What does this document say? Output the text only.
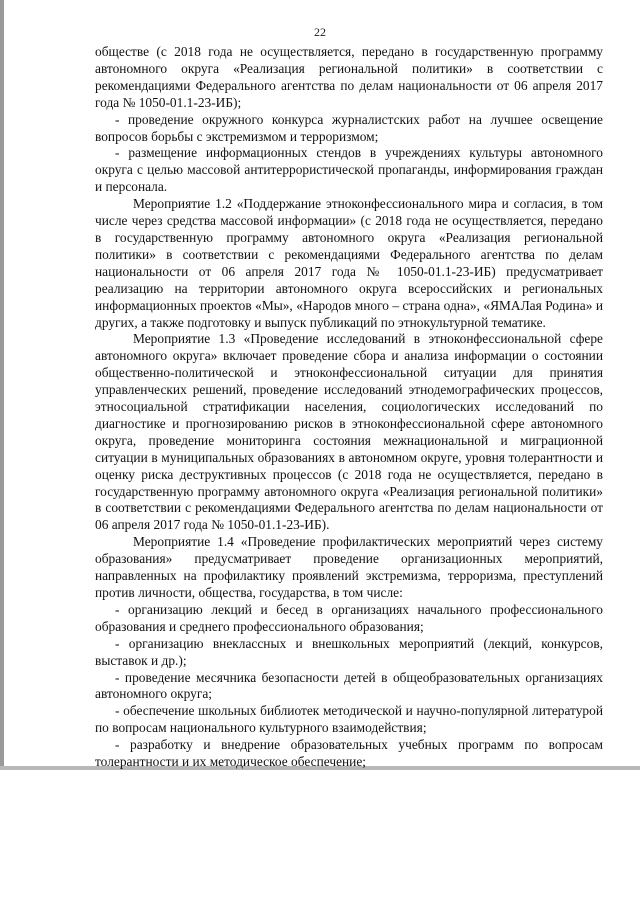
22

обществе (с 2018 года не осуществляется, передано в государственную программу автономного округа «Реализация региональной политики» в соответствии с рекомендациями Федерального агентства по делам национальности от 06 апреля 2017 года № 1050-01.1-23-ИБ);

- проведение окружного конкурса журналистских работ на лучшее освещение вопросов борьбы с экстремизмом и терроризмом;

- размещение информационных стендов в учреждениях культуры автономного округа с целью массовой антитеррористической пропаганды, информирования граждан и персонала.

Мероприятие 1.2 «Поддержание этноконфессионального мира и согласия, в том числе через средства массовой информации» (с 2018 года не осуществляется, передано в государственную программу автономного округа «Реализация региональной политики» в соответствии с рекомендациями Федерального агентства по делам национальности от 06 апреля 2017 года № 1050-01.1-23-ИБ) предусматривает реализацию на территории автономного округа всероссийских и региональных информационных проектов «Мы», «Народов много – страна одна», «ЯМАЛая Родина» и других, а также подготовку и выпуск публикаций по этнокультурной тематике.

Мероприятие 1.3 «Проведение исследований в этноконфессиональной сфере автономного округа» включает проведение сбора и анализа информации о состоянии общественно-политической и этноконфессиональной ситуации для принятия управленческих решений, проведение исследований этнодемографических процессов, этносоциальной стратификации населения, социологических исследований по диагностике и прогнозированию рисков в этноконфессиональной сфере автономного округа, проведение мониторинга состояния межнациональной и миграционной ситуации в муниципальных образованиях в автономном округе, уровня толерантности и оценку риска деструктивных процессов (с 2018 года не осуществляется, передано в государственную программу автономного округа «Реализация региональной политики» в соответствии с рекомендациями Федерального агентства по делам национальности от 06 апреля 2017 года № 1050-01.1-23-ИБ).

Мероприятие 1.4 «Проведение профилактических мероприятий через систему образования» предусматривает проведение организационных мероприятий, направленных на профилактику проявлений экстремизма, терроризма, преступлений против личности, общества, государства, в том числе:

- организацию лекций и бесед в организациях начального профессионального образования и среднего профессионального образования;

- организацию внеклассных и внешкольных мероприятий (лекций, конкурсов, выставок и др.);

- проведение месячника безопасности детей в общеобразовательных организациях автономного округа;

- обеспечение школьных библиотек методической и научно-популярной литературой по вопросам национального культурного взаимодействия;

- разработку и внедрение образовательных учебных программ по вопросам толерантности и их методическое обеспечение;
